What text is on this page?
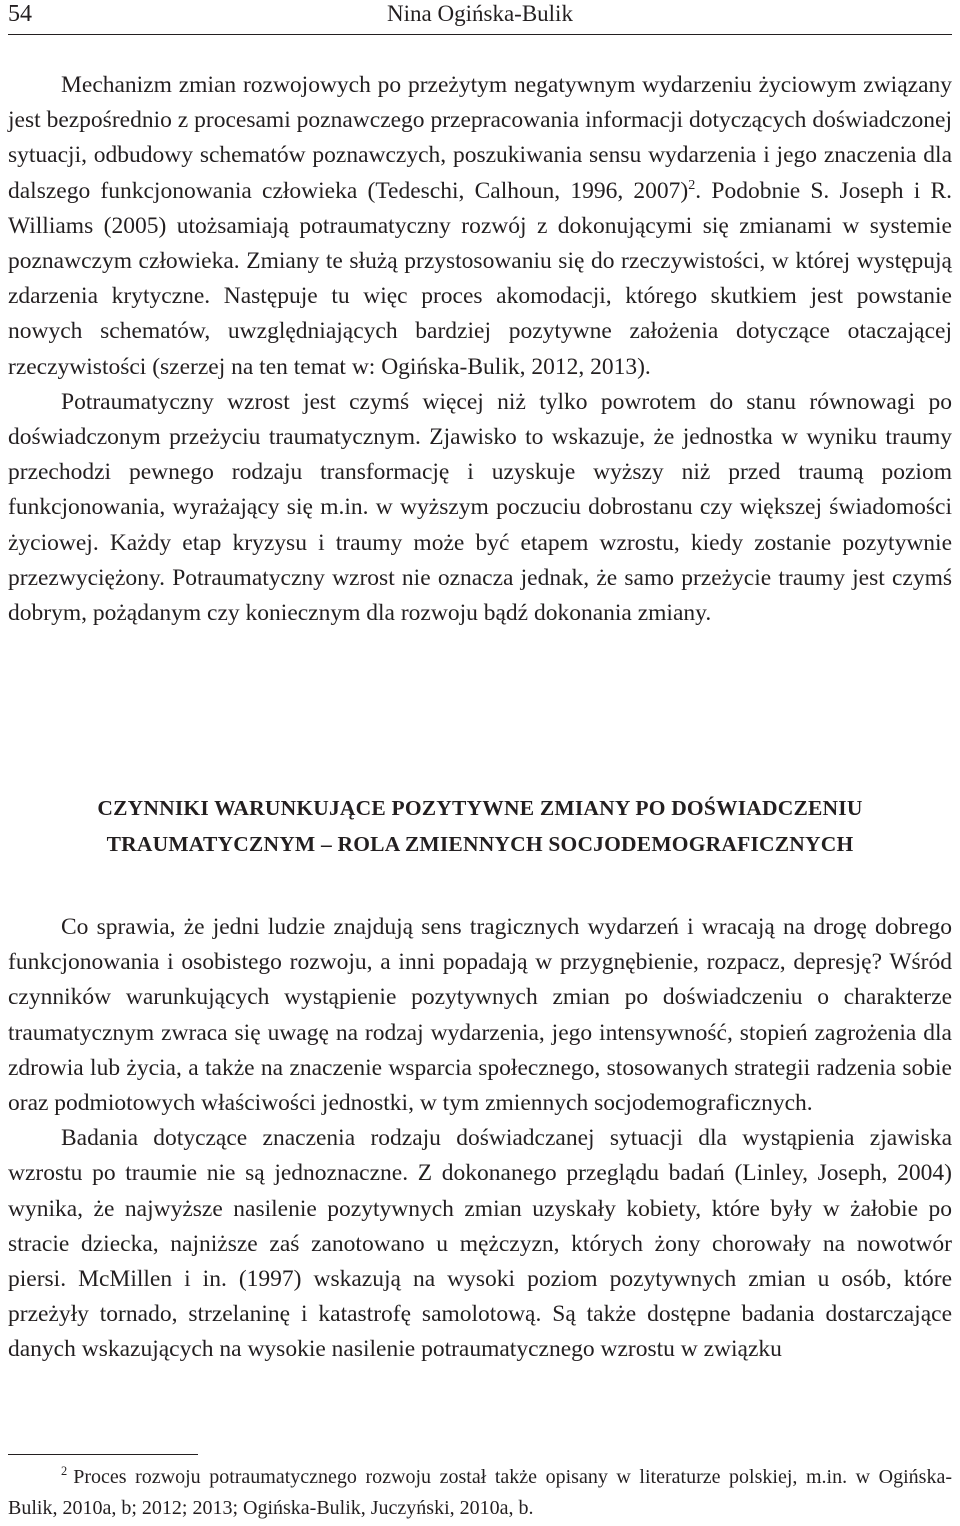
54	Nina Ogińska-Bulik

Mechanizm zmian rozwojowych po przeżytym negatywnym wydarzeniu życiowym związany jest bezpośrednio z procesami poznawczego przepracowania informacji dotyczących doświadczonej sytuacji, odbudowy schematów poznawczych, poszukiwania sensu wydarzenia i jego znaczenia dla dalszego funkcjonowania człowieka (Tedeschi, Calhoun, 1996, 2007)$^2$. Podobnie S. Joseph i R. Williams (2005) utożsamiają potraumatyczny rozwój z dokonującymi się zmianami w systemie poznawczym człowieka. Zmiany te służą przystosowaniu się do rzeczywistości, w której występują zdarzenia krytyczne. Następuje tu więc proces akomodacji, którego skutkiem jest powstanie nowych schematów, uwzględniających bardziej pozytywne założenia dotyczące otaczającej rzeczywistości (szerzej na ten temat w: Ogińska-Bulik, 2012, 2013).

Potraumatyczny wzrost jest czymś więcej niż tylko powrotem do stanu równowagi po doświadczonym przeżyciu traumatycznym. Zjawisko to wskazuje, że jednostka w wyniku traumy przechodzi pewnego rodzaju transformację i uzyskuje wyższy niż przed traumą poziom funkcjonowania, wyrażający się m.in. w wyższym poczuciu dobrostanu czy większej świadomości życiowej. Każdy etap kryzysu i traumy może być etapem wzrostu, kiedy zostanie pozytywnie przezwyciężony. Potraumatyczny wzrost nie oznacza jednak, że samo przeżycie traumy jest czymś dobrym, pożądanym czy koniecznym dla rozwoju bądź dokonania zmiany.

CZYNNIKI WARUNKUJĄCE POZYTYWNE ZMIANY PO DOŚWIADCZENIU
TRAUMATYCZNYM – ROLA ZMIENNYCH SOCJODEMOGRAFICZNYCH

Co sprawia, że jedni ludzie znajdują sens tragicznych wydarzeń i wracają na drogę dobrego funkcjonowania i osobistego rozwoju, a inni popadają w przygnębienie, rozpacz, depresję? Wśród czynników warunkujących wystąpienie pozytywnych zmian po doświadczeniu o charakterze traumatycznym zwraca się uwagę na rodzaj wydarzenia, jego intensywność, stopień zagrożenia dla zdrowia lub życia, a także na znaczenie wsparcia społecznego, stosowanych strategii radzenia sobie oraz podmiotowych właściwości jednostki, w tym zmiennych socjodemograficznych.

Badania dotyczące znaczenia rodzaju doświadczanej sytuacji dla wystąpienia zjawiska wzrostu po traumie nie są jednoznaczne. Z dokonanego przeglądu badań (Linley, Joseph, 2004) wynika, że najwyższe nasilenie pozytywnych zmian uzyskały kobiety, które były w żałobie po stracie dziecka, najniższe zaś zanotowano u mężczyzn, których żony chorowały na nowotwór piersi. McMillen i in. (1997) wskazują na wysoki poziom pozytywnych zmian u osób, które przeżyły tornado, strzelaninę i katastrofę samolotową. Są także dostępne badania dostarczające danych wskazujących na wysokie nasilenie potraumatycznego wzrostu w związku

$^2$ Proces rozwoju potraumatycznego rozwoju został także opisany w literaturze polskiej, m.in. w Ogińska-Bulik, 2010a, b; 2012; 2013; Ogińska-Bulik, Juczyński, 2010a, b.
